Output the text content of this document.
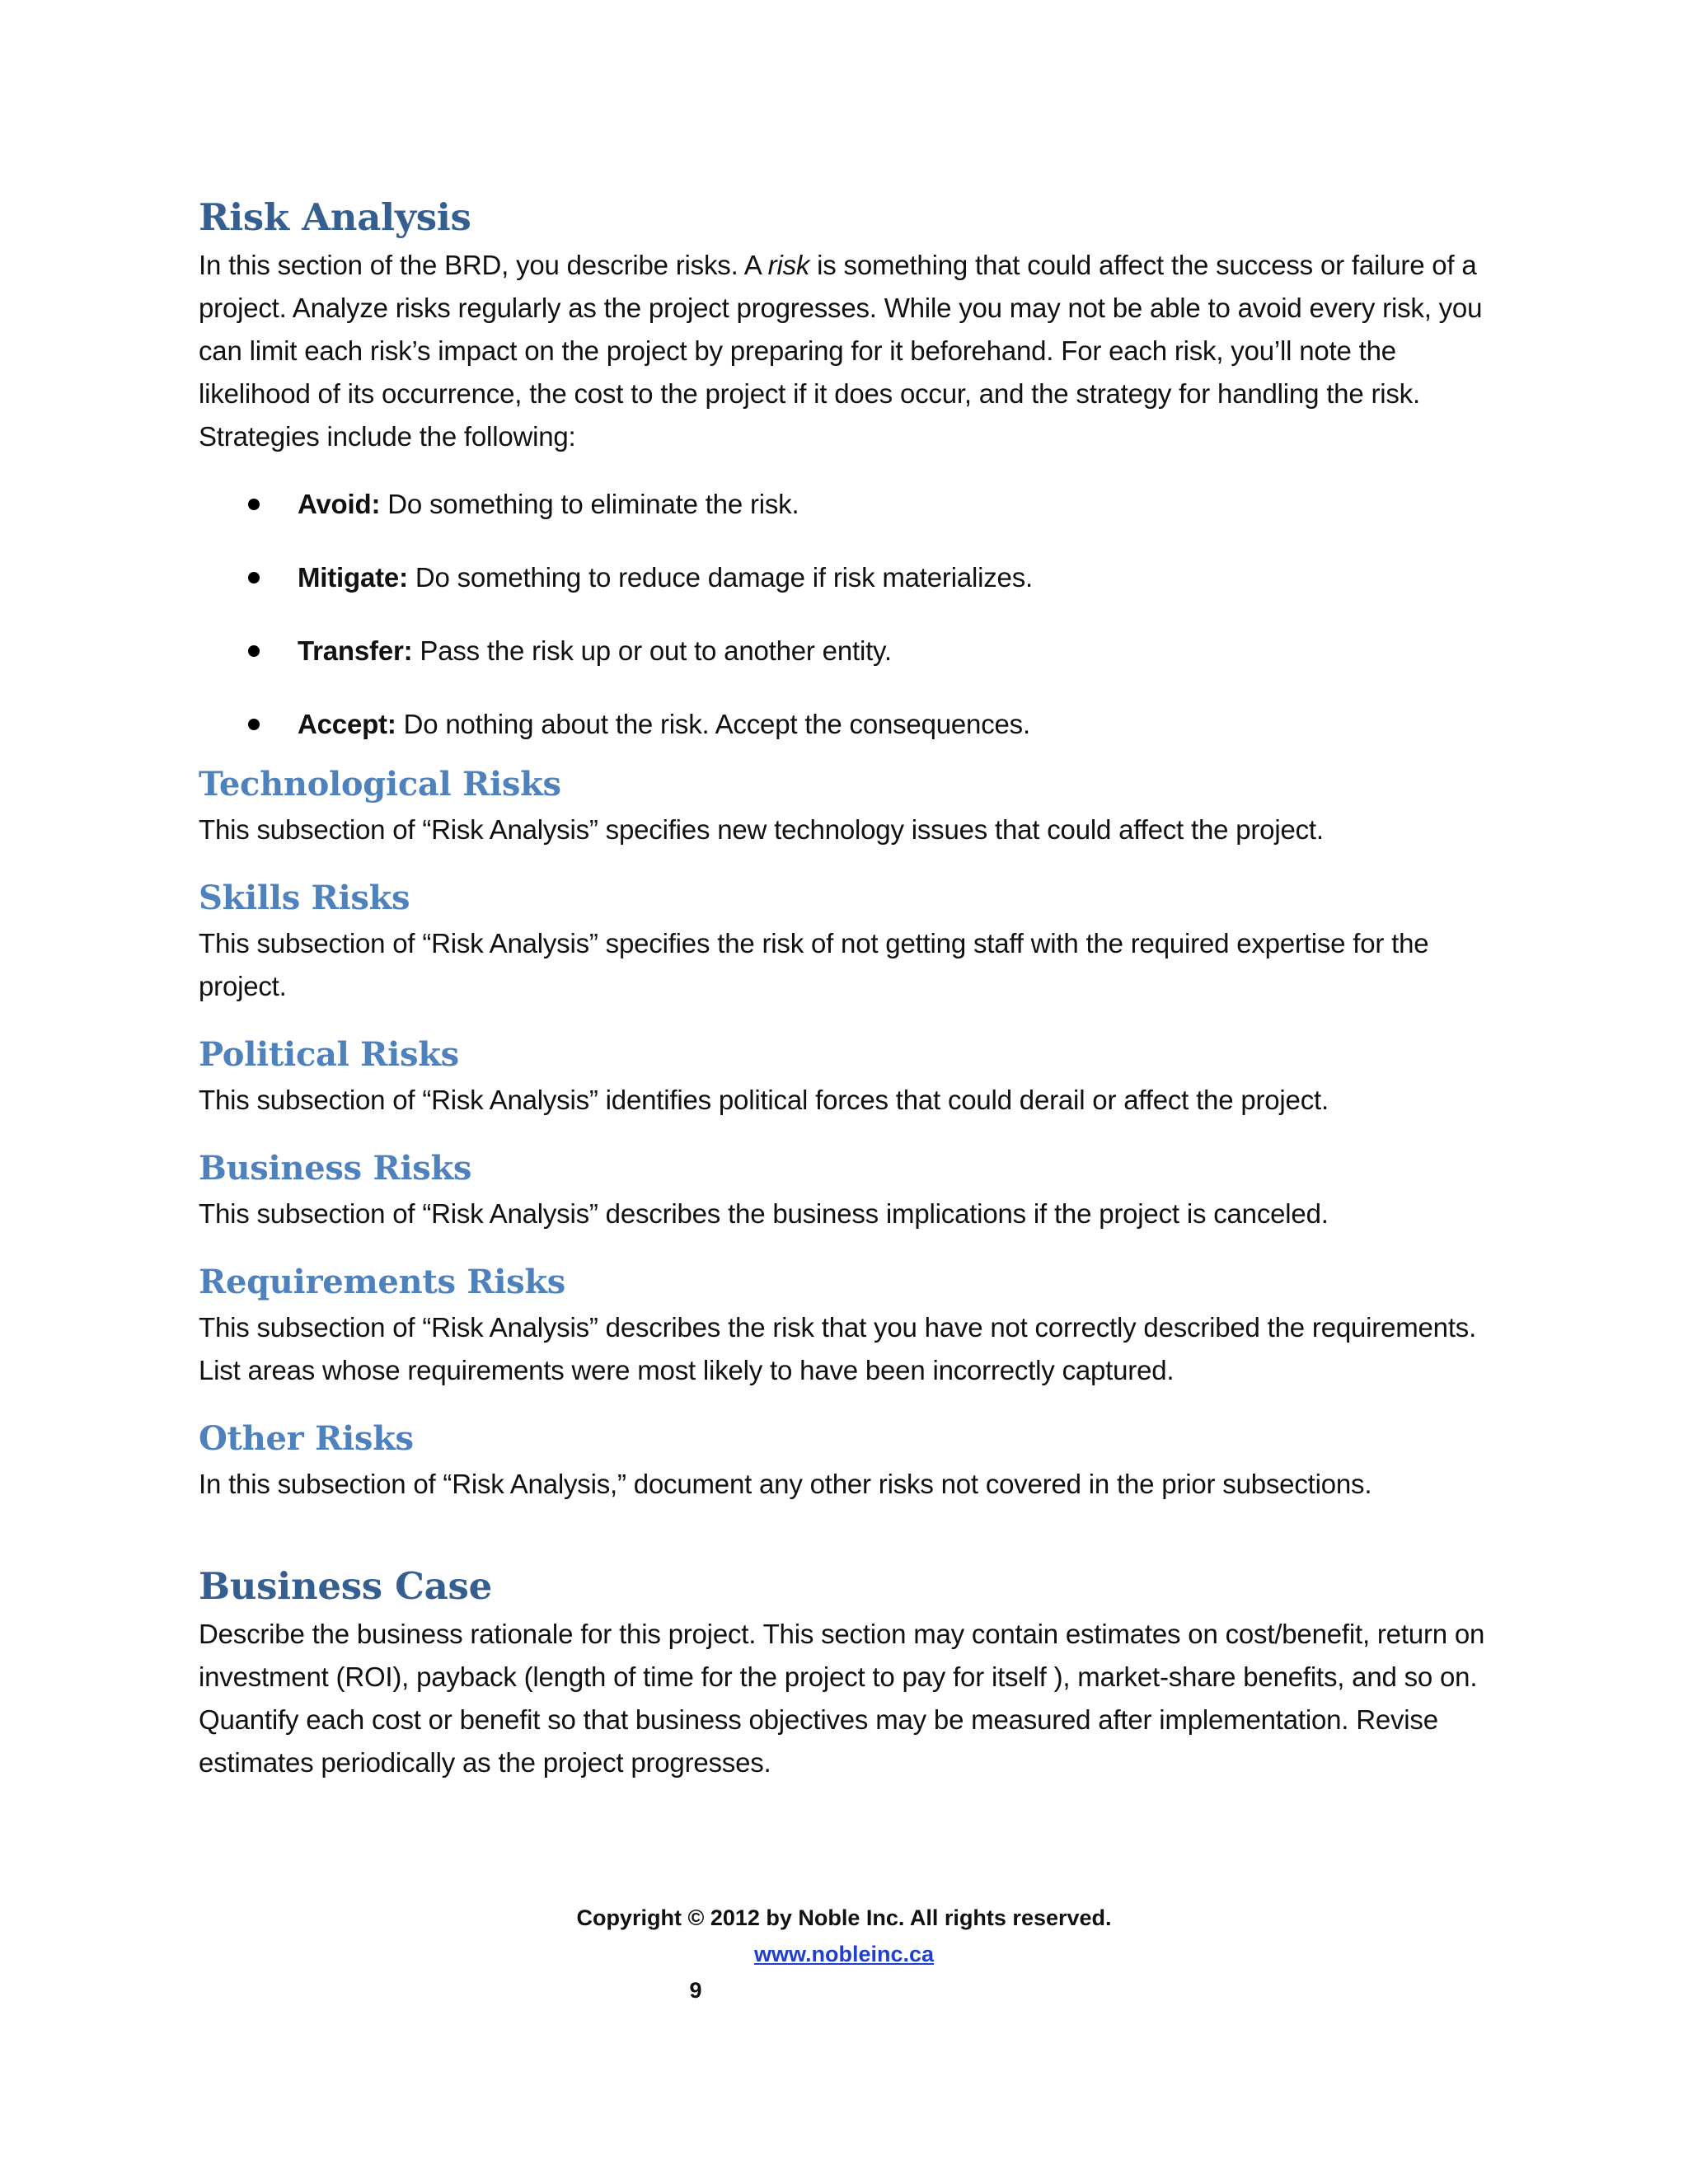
Risk Analysis

In this section of the BRD, you describe risks. A risk is something that could affect the success or failure of a project. Analyze risks regularly as the project progresses. While you may not be able to avoid every risk, you can limit each risk’s impact on the project by preparing for it beforehand. For each risk, you’ll note the likelihood of its occurrence, the cost to the project if it does occur, and the strategy for handling the risk. Strategies include the following:

Avoid: Do something to eliminate the risk.
Mitigate: Do something to reduce damage if risk materializes.
Transfer: Pass the risk up or out to another entity.
Accept: Do nothing about the risk. Accept the consequences.
Technological Risks

This subsection of “Risk Analysis” specifies new technology issues that could affect the project.

Skills Risks

This subsection of “Risk Analysis” specifies the risk of not getting staff with the required expertise for the project.

Political Risks

This subsection of “Risk Analysis” identifies political forces that could derail or affect the project.

Business Risks

This subsection of “Risk Analysis” describes the business implications if the project is canceled.

Requirements Risks

This subsection of “Risk Analysis” describes the risk that you have not correctly described the requirements. List areas whose requirements were most likely to have been incorrectly captured.

Other Risks

In this subsection of “Risk Analysis,” document any other risks not covered in the prior subsections.

Business Case

Describe the business rationale for this project. This section may contain estimates on cost/benefit, return on investment (ROI), payback (length of time for the project to pay for itself ), market-share benefits, and so on. Quantify each cost or benefit so that business objectives may be measured after implementation. Revise estimates periodically as the project progresses.

Copyright © 2012 by Noble Inc. All rights reserved.
www.nobleinc.ca
9
